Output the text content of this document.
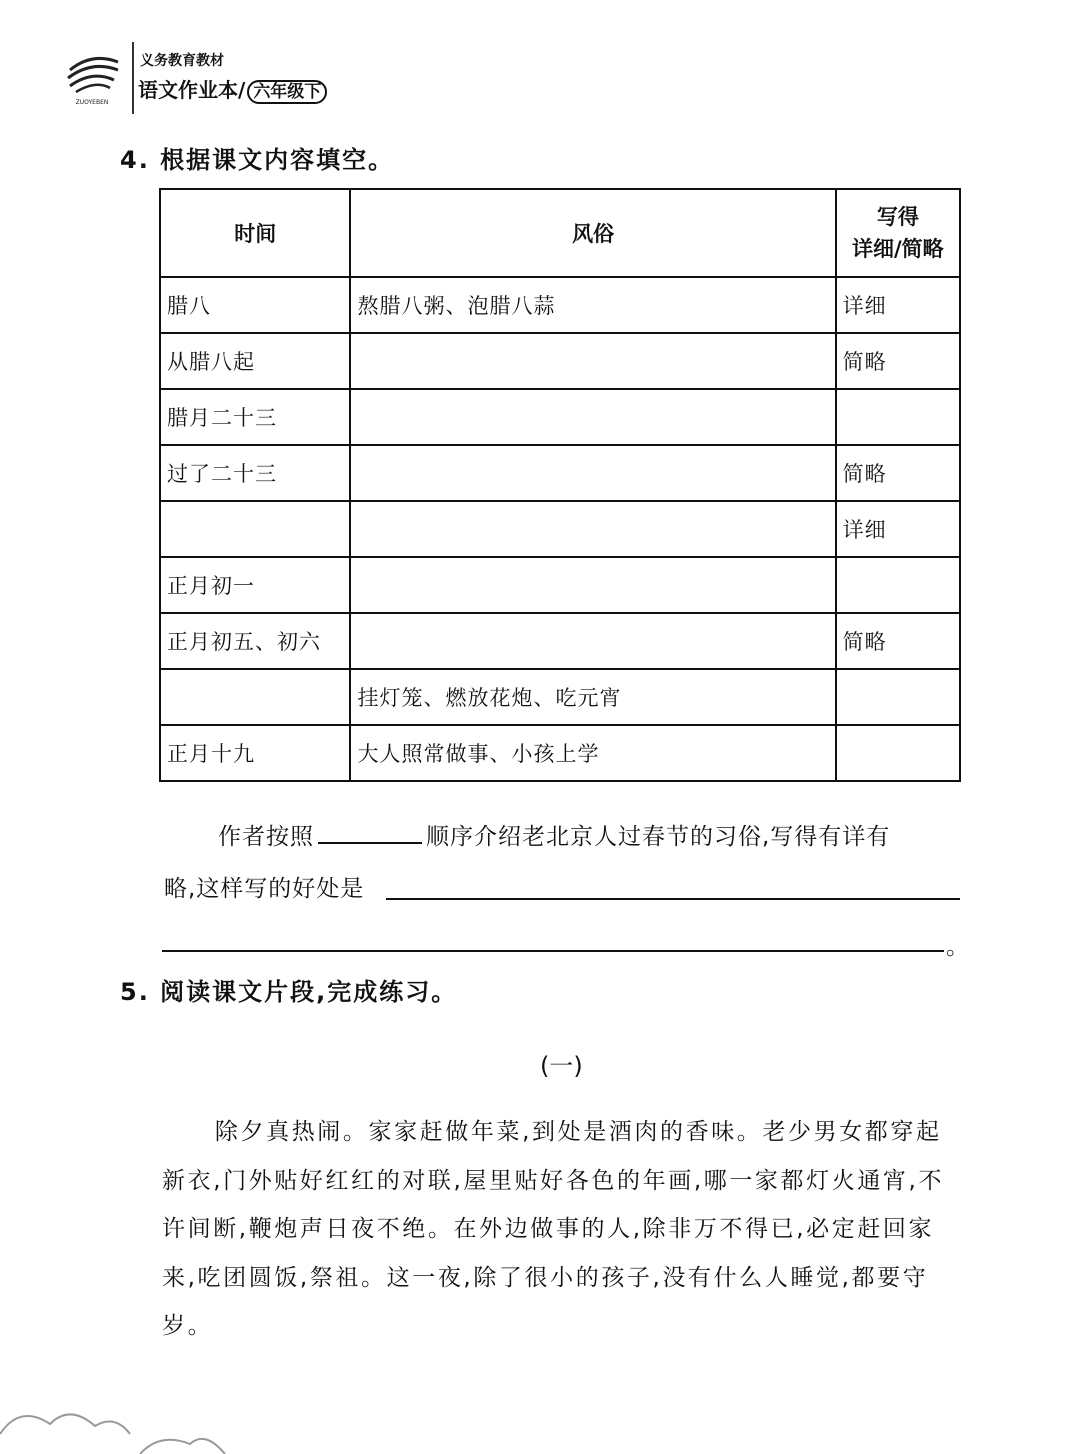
ZUOYEBEN
义务教育教材
语文作业本/ 六年级下
4. 根据课文内容填空。
时间	风俗	写得
详细/简略

腊八	熬腊八粥、泡腊八蒜	详细
从腊八起		简略
腊月二十三		
过了二十三		简略
		详细
正月初一		
正月初五、初六		简略
	挂灯笼、燃放花炮、吃元宵	
正月十九	大人照常做事、小孩上学	
作者按照	顺序介绍老北京人过春节的习俗,写得有详有
略,这样写的好处是
。
5. 阅读课文片段,完成练习。
(一)

除夕真热闹。家家赶做年菜,到处是酒肉的香味。老少男女都穿起新衣,门外贴好红红的对联,屋里贴好各色的年画,哪一家都灯火通宵,不许间断,鞭炮声日夜不绝。在外边做事的人,除非万不得已,必定赶回家来,吃团圆饭,祭祖。这一夜,除了很小的孩子,没有什么人睡觉,都要守岁。
